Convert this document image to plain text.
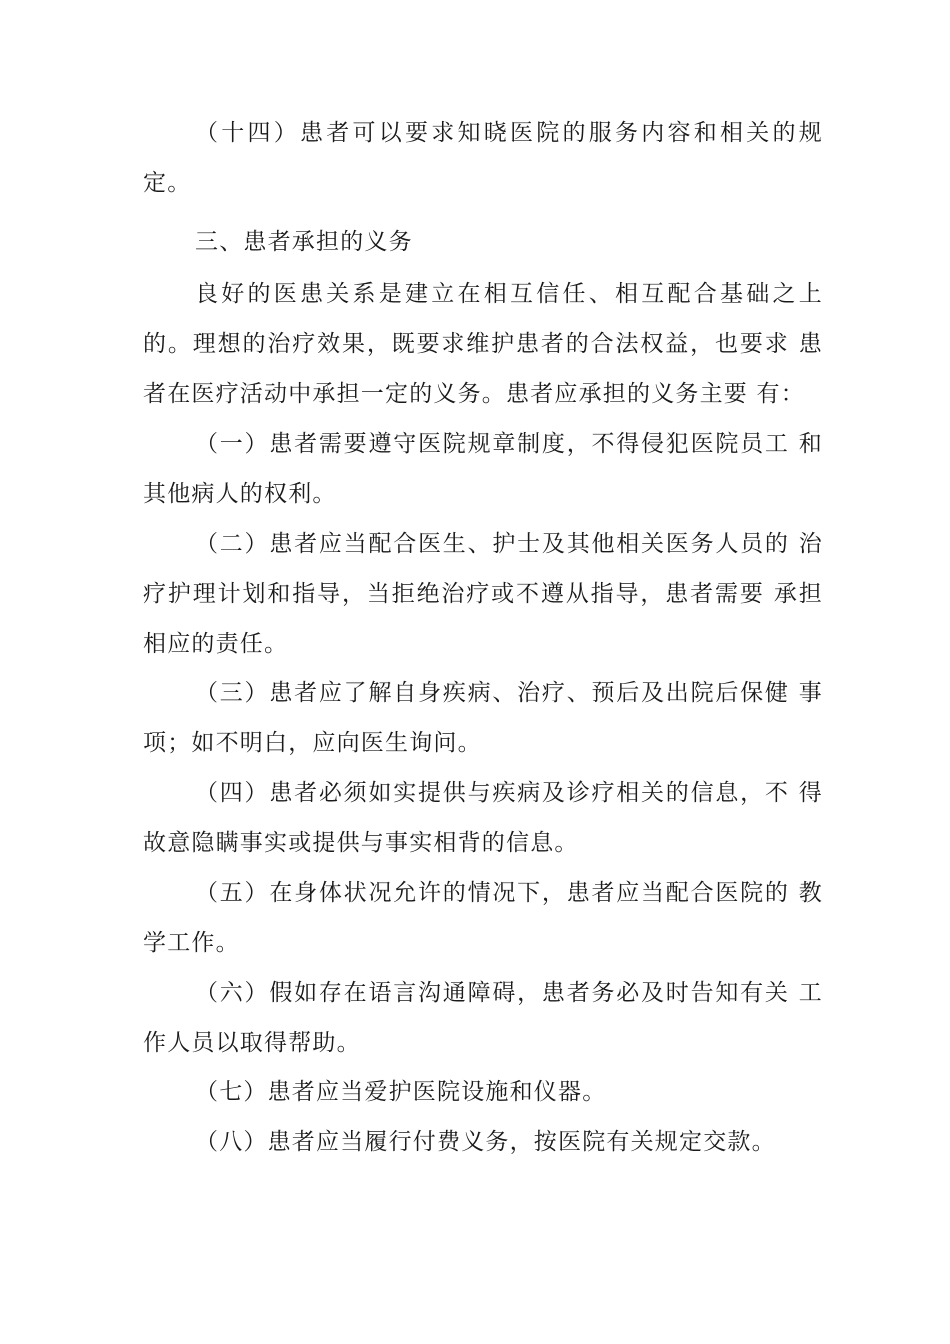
（十四）患者可以要求知晓医院的服务内容和相关的规定。

三、患者承担的义务

良好的医患关系是建立在相互信任、相互配合基础之上的。理想的治疗效果，既要求维护患者的合法权益，也要求 患者在医疗活动中承担一定的义务。患者应承担的义务主要 有：

（一）患者需要遵守医院规章制度，不得侵犯医院员工 和其他病人的权利。

（二）患者应当配合医生、护士及其他相关医务人员的 治疗护理计划和指导，当拒绝治疗或不遵从指导，患者需要 承担相应的责任。

（三）患者应了解自身疾病、治疗、预后及出院后保健 事项；如不明白，应向医生询问。

（四）患者必须如实提供与疾病及诊疗相关的信息，不 得故意隐瞒事实或提供与事实相背的信息。

（五）在身体状况允许的情况下，患者应当配合医院的 教学工作。

（六）假如存在语言沟通障碍，患者务必及时告知有关 工作人员以取得帮助。

（七）患者应当爱护医院设施和仪器。

（八）患者应当履行付费义务，按医院有关规定交款。
